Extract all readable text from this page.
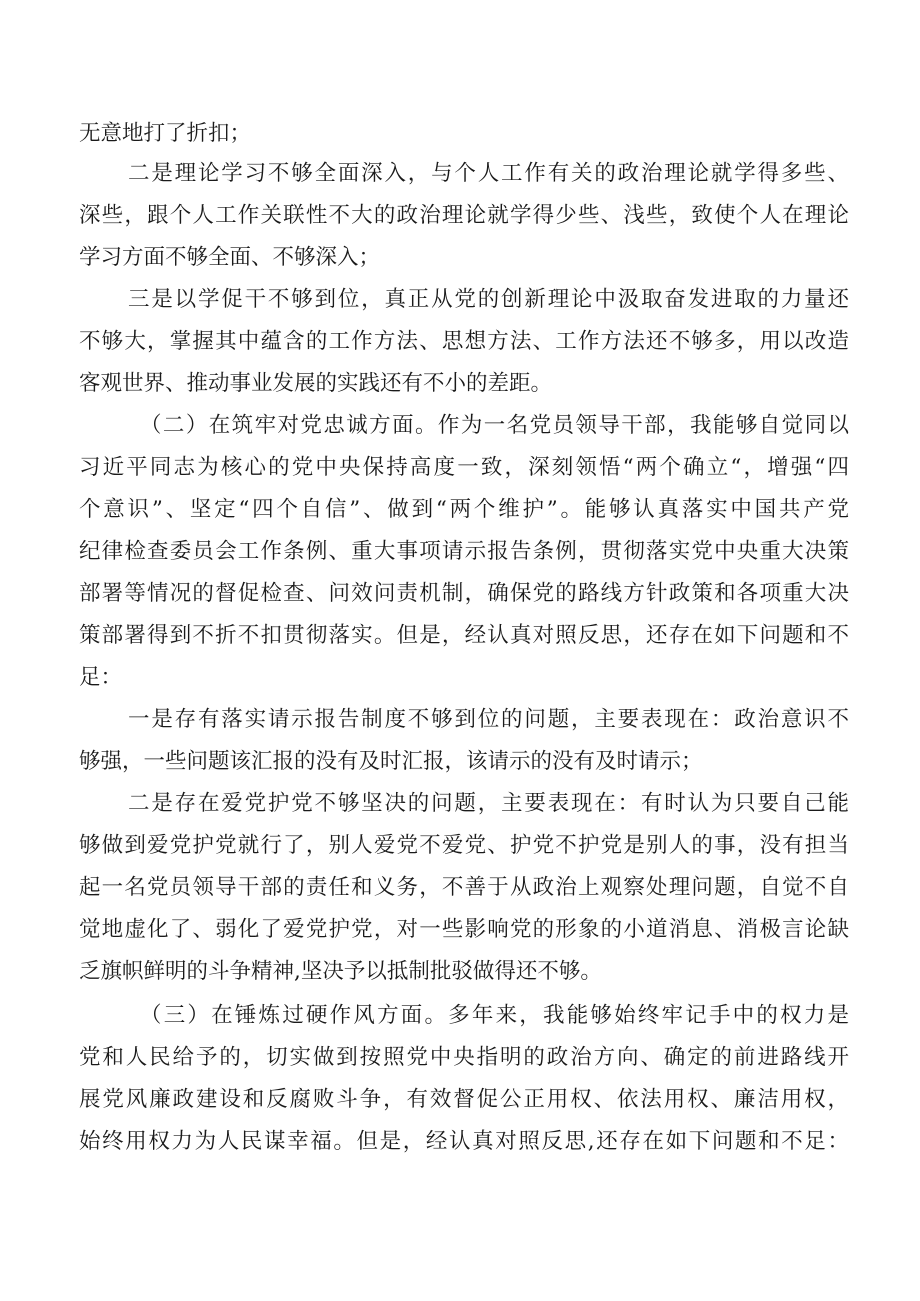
无意地打了折扣；
二是理论学习不够全面深入，与个人工作有关的政治理论就学得多些、
深些，跟个人工作关联性不大的政治理论就学得少些、浅些，致使个人在理论
学习方面不够全面、不够深入；
三是以学促干不够到位，真正从党的创新理论中汲取奋发进取的力量还
不够大，掌握其中蕴含的工作方法、思想方法、工作方法还不够多，用以改造
客观世界、推动事业发展的实践还有不小的差距。
（二）在筑牢对党忠诚方面。作为一名党员领导干部，我能够自觉同以
习近平同志为核心的党中央保持高度一致，深刻领悟“两个确立“，增强“四
个意识”、坚定“四个自信”、做到“两个维护”。能够认真落实中国共产党
纪律检查委员会工作条例、重大事项请示报告条例，贯彻落实党中央重大决策
部署等情况的督促检查、问效问责机制，确保党的路线方针政策和各项重大决
策部署得到不折不扣贯彻落实。但是，经认真对照反思，还存在如下问题和不
足：
一是存有落实请示报告制度不够到位的问题，主要表现在：政治意识不
够强，一些问题该汇报的没有及时汇报，该请示的没有及时请示；
二是存在爱党护党不够坚决的问题，主要表现在：有时认为只要自己能
够做到爱党护党就行了，别人爱党不爱党、护党不护党是别人的事，没有担当
起一名党员领导干部的责任和义务，不善于从政治上观察处理问题，自觉不自
觉地虚化了、弱化了爱党护党，对一些影响党的形象的小道消息、消极言论缺
乏旗帜鲜明的斗争精神,坚决予以抵制批驳做得还不够。
（三）在锤炼过硬作风方面。多年来，我能够始终牢记手中的权力是
党和人民给予的，切实做到按照党中央指明的政治方向、确定的前进路线开
展党风廉政建设和反腐败斗争，有效督促公正用权、依法用权、廉洁用权，
始终用权力为人民谋幸福。但是，经认真对照反思,还存在如下问题和不足：
